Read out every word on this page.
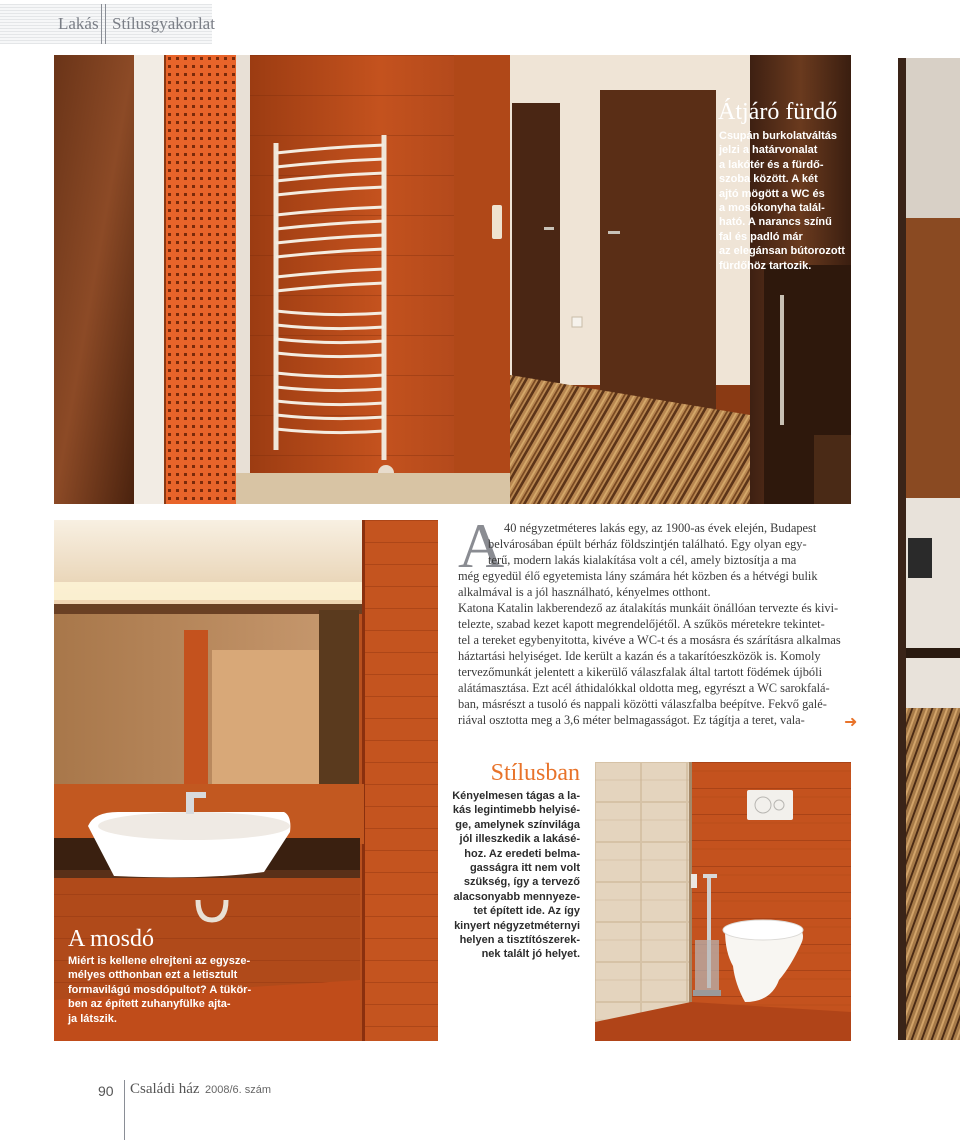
Lakás Stílusgyakorlat
Átjáró fürdő
Csupán burkolatváltás
jelzi a határvonalat
a lakótér és a fürdő-
szoba között. A két
ajtó mögött a WC és
a mosókonyha talál-
ható. A narancs színű
fal és padló már
az elegánsan bútorozott
fürdőhöz tartozik.
A mosdó
Miért is kellene elrejteni az egysze-
mélyes otthonban ezt a letisztult
formavilágú mosdópultot? A tükör-
ben az épített zuhanyfülke ajta-
ja látszik.
A 40 négyzetméteres lakás egy, az 1900-as évek elején, Budapest
belvárosában épült bérház földszintjén található. Egy olyan egy-
terű, modern lakás kialakítása volt a cél, amely biztosítja a ma
még egyedül élő egyetemista lány számára hét közben és a hétvégi bulik
alkalmával is a jól használható, kényelmes otthont.
Katona Katalin lakberendező az átalakítás munkáit önállóan tervezte és kivi-
telezte, szabad kezet kapott megrendelőjétől. A szűkös méretekre tekintet-
tel a tereket egybenyitotta, kivéve a WC-t és a mosásra és szárításra alkalmas
háztartási helyiséget. Ide került a kazán és a takarítóeszközök is. Komoly
tervezőmunkát jelentett a kikerülő válaszfalak által tartott födémek újbóli
alátámasztása. Ezt acél áthidalókkal oldotta meg, egyrészt a WC sarokfalá-
ban, másrészt a tusoló és nappali közötti válaszfalba beépítve. Fekvő galé-
riával osztotta meg a 3,6 méter belmagasságot. Ez tágítja a teret, vala- ➜
Stílusban
Kényelmesen tágas a la-
kás legintimebb helyisé-
ge, amelynek színvilága
jól illeszkedik a lakásé-
hoz. Az eredeti belma-
gasságra itt nem volt
szükség, így a tervező
alacsonyabb mennyeze-
tet épített ide. Az így
kinyert négyzetméternyi
helyen a tisztítószerek-
nek talált jó helyet.
90 Családi ház 2008/6. szám
